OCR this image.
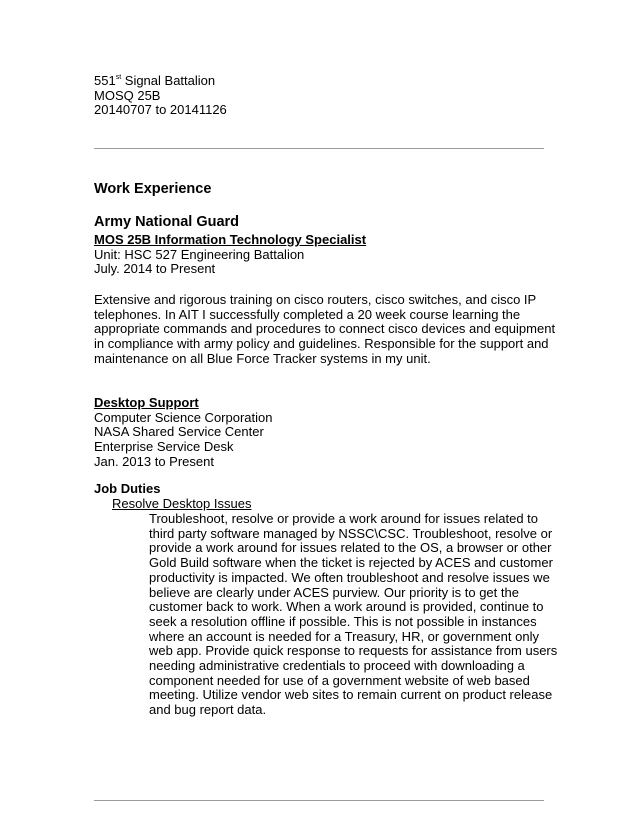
551st Signal Battalion
MOSQ 25B
20140707 to 20141126
Work Experience
Army National Guard
MOS 25B Information Technology Specialist
Unit: HSC 527 Engineering Battalion
July. 2014 to Present
Extensive and rigorous training on cisco routers, cisco switches, and cisco IP
telephones. In AIT I successfully completed a 20 week course learning the
appropriate commands and procedures to connect cisco devices and equipment
in compliance with army policy and guidelines. Responsible for the support and
maintenance on all Blue Force Tracker systems in my unit.
Desktop Support
Computer Science Corporation
NASA Shared Service Center
Enterprise Service Desk
Jan. 2013 to Present
Job Duties
Resolve Desktop Issues
Troubleshoot, resolve or provide a work around for issues related to
third party software managed by NSSC\CSC. Troubleshoot, resolve or
provide a work around for issues related to the OS, a browser or other
Gold Build software when the ticket is rejected by ACES and customer
productivity is impacted. We often troubleshoot and resolve issues we
believe are clearly under ACES purview. Our priority is to get the
customer back to work. When a work around is provided, continue to
seek a resolution offline if possible. This is not possible in instances
where an account is needed for a Treasury, HR, or government only
web app. Provide quick response to requests for assistance from users
needing administrative credentials to proceed with downloading a
component needed for use of a government website of web based
meeting. Utilize vendor web sites to remain current on product release
and bug report data.
